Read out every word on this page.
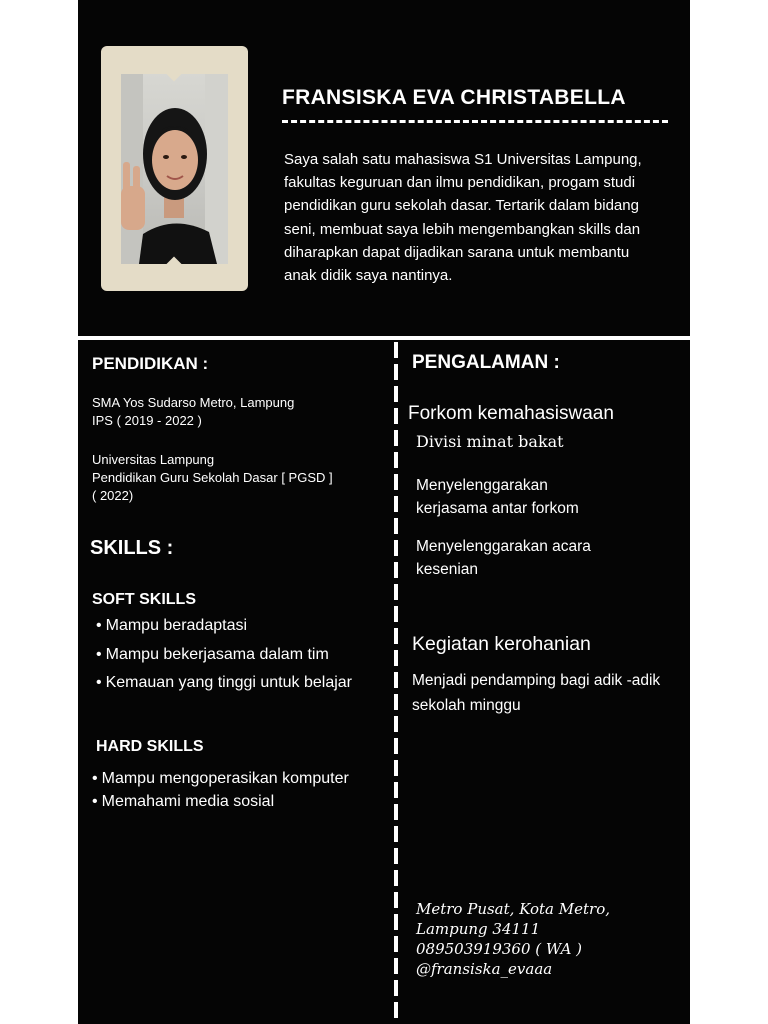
FRANSISKA EVA CHRISTABELLA
Saya salah satu mahasiswa S1 Universitas Lampung,
fakultas keguruan dan ilmu pendidikan, progam studi
pendidikan guru sekolah dasar. Tertarik dalam bidang
seni, membuat saya lebih mengembangkan skills dan
diharapkan dapat dijadikan sarana untuk membantu
anak didik saya nantinya.
PENDIDIKAN :
SMA Yos Sudarso Metro, Lampung
IPS ( 2019 - 2022 )
Universitas Lampung
Pendidikan Guru Sekolah Dasar [ PGSD ]
( 2022)
SKILLS :
SOFT SKILLS
• Mampu beradaptasi
• Mampu bekerjasama dalam tim
• Kemauan yang tinggi untuk belajar
HARD SKILLS
• Mampu mengoperasikan komputer
• Memahami media sosial
PENGALAMAN :
Forkom kemahasiswaan
Divisi minat bakat
Menyelenggarakan
kerjasama antar forkom
Menyelenggarakan acara
kesenian
Kegiatan kerohanian
Menjadi pendamping bagi adik -adik
sekolah minggu
Metro Pusat, Kota Metro,
Lampung 34111
089503919360 ( WA )
@fransiska_evaaa
